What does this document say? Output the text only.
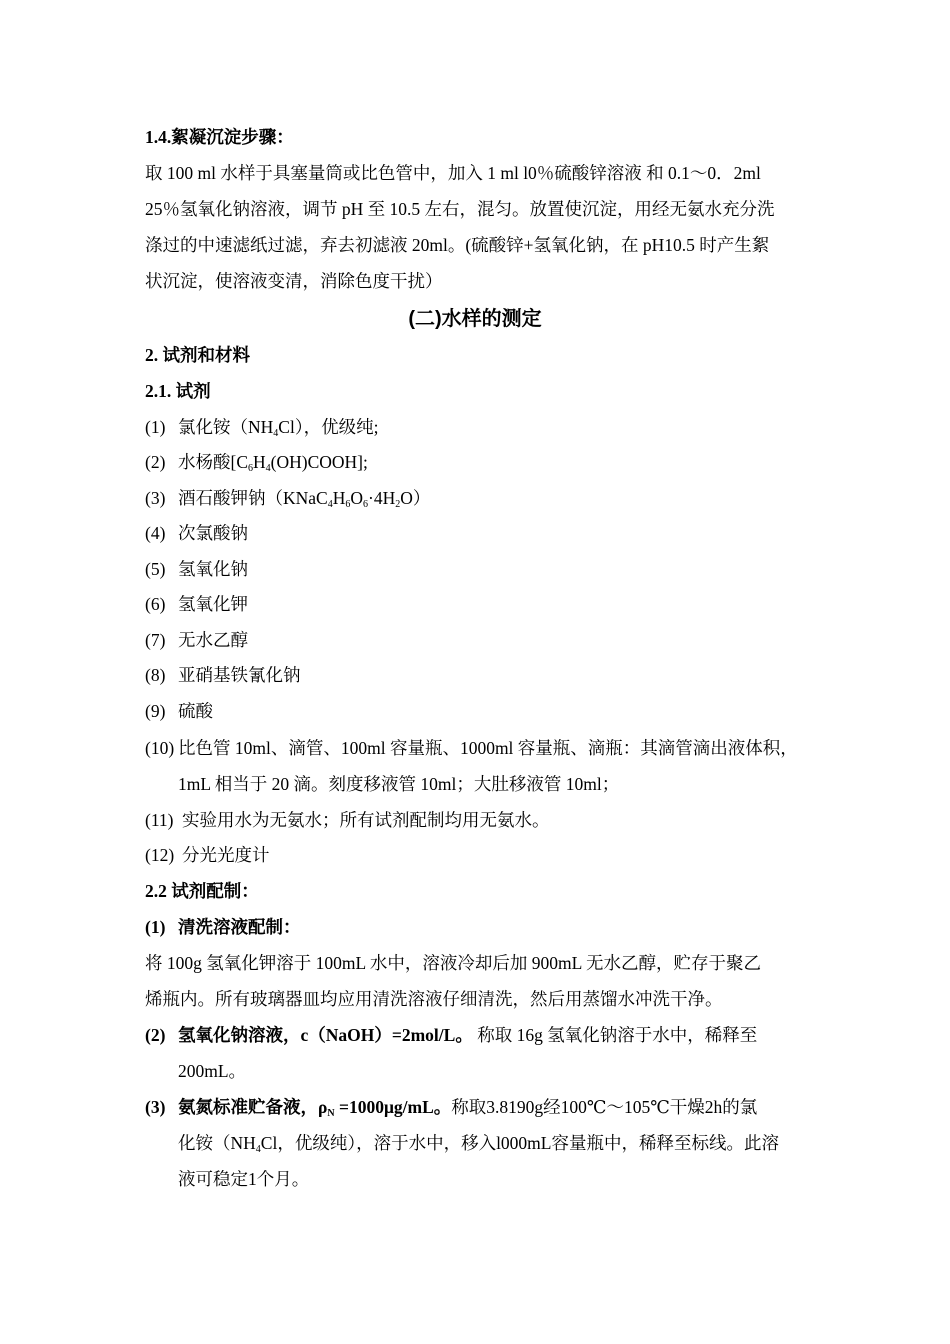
1.4.絮凝沉淀步骤：
取 100 ml 水样于具塞量筒或比色管中，加入 1 ml l0％硫酸锌溶液 和 0.1～0．2ml
25％氢氧化钠溶液，调节 pH 至 10.5 左右，混匀。放置使沉淀，用经无氨水充分洗
涤过的中速滤纸过滤，弃去初滤液 20ml。(硫酸锌+氢氧化钠，在 pH10.5 时产生絮
状沉淀，使溶液变清，消除色度干扰）
(二)水样的测定
2. 试剂和材料
2.1. 试剂
(1) 氯化铵$(NH_4Cl)$，优级纯;
(2) 水杨酸$[C_6H_4(OH)COOH]$;
(3) 酒石酸钾钠$(KNaC_4H_6O_6\cdot 4H_2O)$
(4) 次氯酸钠
(5) 氢氧化钠
(6) 氢氧化钾
(7) 无水乙醇
(8) 亚硝基铁氰化钠
(9) 硫酸
(10) 比色管 10ml、滴管、100ml 容量瓶、1000ml 容量瓶、滴瓶：其滴管滴出液体积，
1mL 相当于 20 滴。刻度移液管 10ml；大肚移液管 10ml；
(11) 实验用水为无氨水；所有试剂配制均用无氨水。
(12) 分光光度计
2.2 试剂配制：
(1) 清洗溶液配制：
将 100g 氢氧化钾溶于 100mL 水中，溶液冷却后加 900mL 无水乙醇，贮存于聚乙
烯瓶内。所有玻璃器皿均应用清洗溶液仔细清洗，然后用蒸馏水冲洗干净。
(2) 氢氧化钠溶液，c（NaOH）=2mol/L。 称取 16g 氢氧化钠溶于水中，稀释至
200mL。
(3) 氨氮标准贮备液，$\rho_N =1000\mu g/mL$。称取3.8190g经100℃～105℃干燥2h的氯
化铵（$NH_4Cl$，优级纯），溶于水中，移入l000mL容量瓶中，稀释至标线。此溶
液可稳定1个月。
